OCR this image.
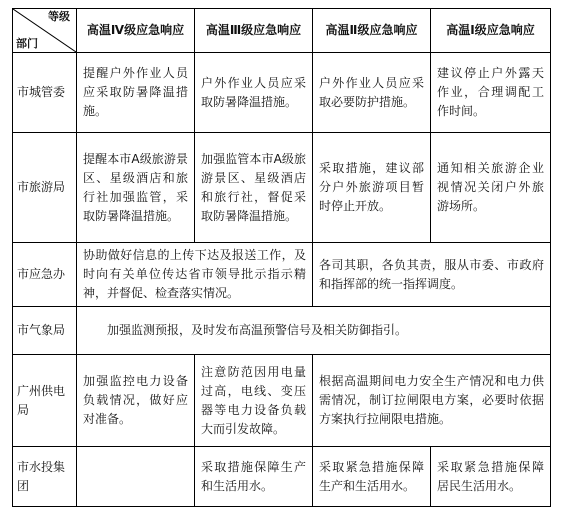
等级
部门	高温Ⅳ级应急响应	高温Ⅲ级应急响应	高温Ⅱ级应急响应	高温Ⅰ级应急响应
市城管委	提醒户外作业人员应采取防暑降温措施。	户外作业人员应采取防暑降温措施。	户外作业人员应采取必要防护措施。	建议停止户外露天作业，合理调配工作时间。
市旅游局	提醒本市A级旅游景区、星级酒店和旅行社加强监管，采取防暑降温措施。	加强监管本市A级旅游景区、星级酒店和旅行社，督促采取防暑降温措施。	采取措施，建议部分户外旅游项目暂时停止开放。	通知相关旅游企业视情况关闭户外旅游场所。
市应急办	协助做好信息的上传下达及报送工作，及时向有关单位传达省市领导批示指示精神，并督促、检查落实情况。		各司其职，各负其责，服从市委、市政府和指挥部的统一指挥调度。	
市气象局	加强监测预报，及时发布高温预警信号及相关防御指引。			
广州供电局	加强监控电力设备负载情况，做好应对准备。	注意防范因用电量过高，电线、变压器等电力设备负载大而引发故障。	根据高温期间电力安全生产情况和电力供需情况，制订拉闸限电方案，必要时依据方案执行拉闸限电措施。	
市水投集团		采取措施保障生产和生活用水。	采取紧急措施保障生产和生活用水。	采取紧急措施保障居民生活用水。
